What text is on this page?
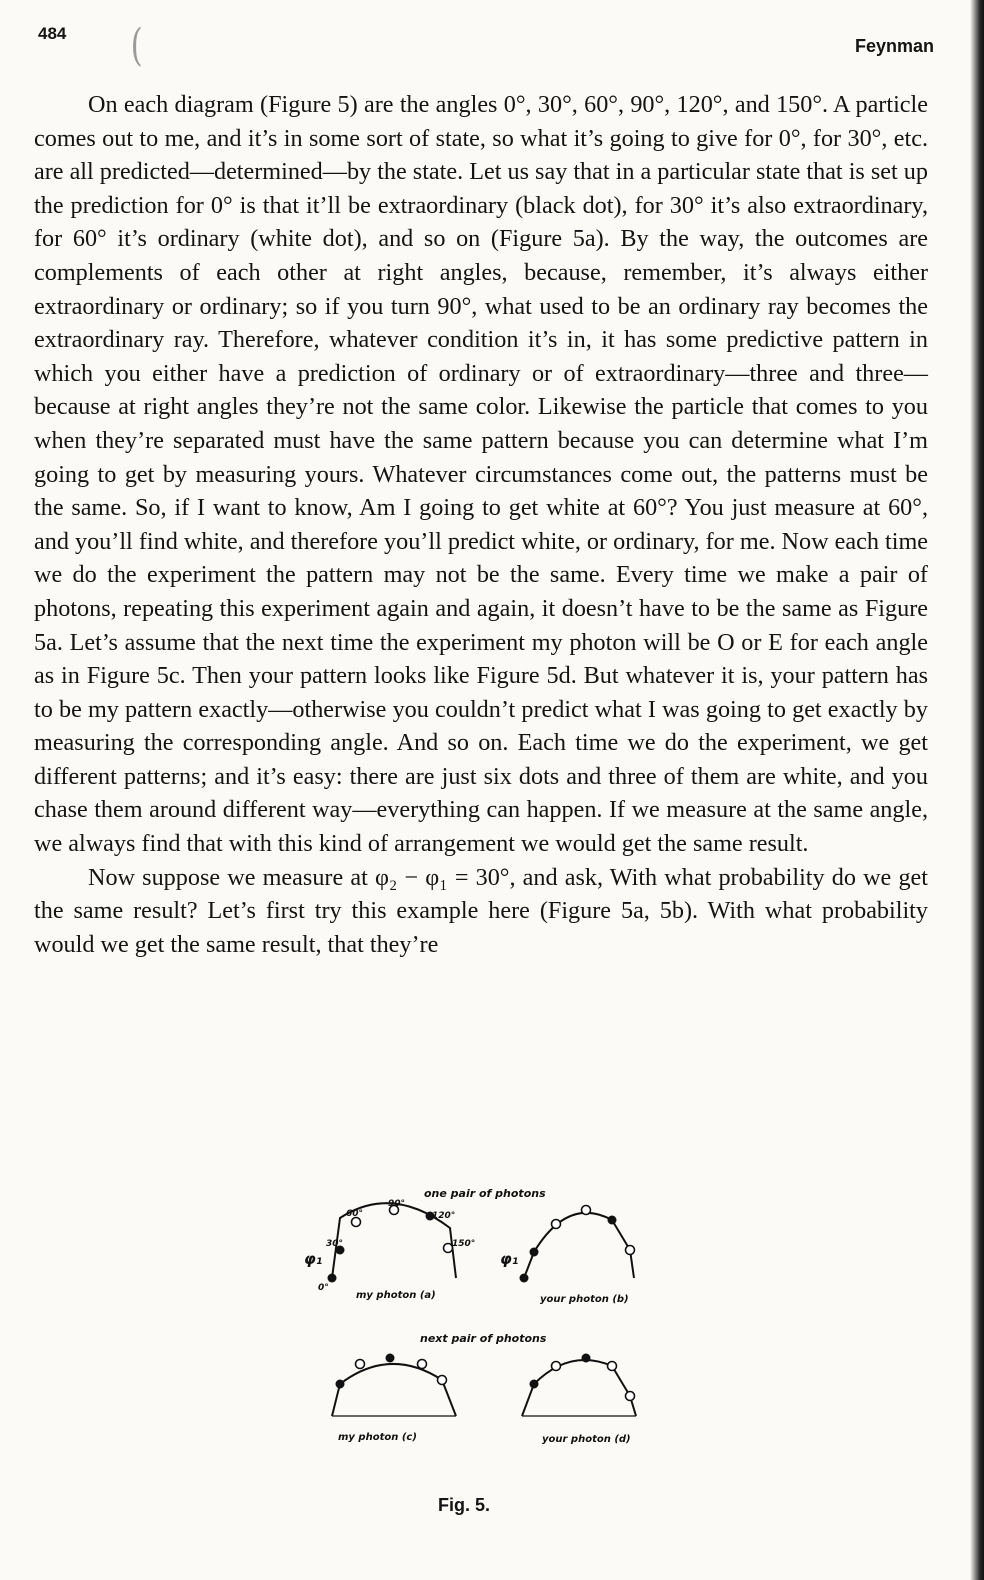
484 (	Feynman

On each diagram (Figure 5) are the angles 0°, 30°, 60°, 90°, 120°, and 150°. A particle comes out to me, and it’s in some sort of state, so what it’s going to give for 0°, for 30°, etc. are all predicted—determined—by the state. Let us say that in a particular state that is set up the prediction for 0° is that it’ll be extraordinary (black dot), for 30° it’s also extraordinary, for 60° it’s ordinary (white dot), and so on (Figure 5a). By the way, the outcomes are complements of each other at right angles, because, remember, it’s always either extraordinary or ordinary; so if you turn 90°, what used to be an ordinary ray becomes the extraordinary ray. Therefore, whatever condition it’s in, it has some predictive pattern in which you either have a prediction of ordinary or of extraordinary—three and three—because at right angles they’re not the same color. Likewise the particle that comes to you when they’re separated must have the same pattern because you can determine what I’m going to get by measuring yours. Whatever circumstances come out, the patterns must be the same. So, if I want to know, Am I going to get white at 60°? You just measure at 60°, and you’ll find white, and therefore you’ll predict white, or ordinary, for me. Now each time we do the experiment the pattern may not be the same. Every time we make a pair of photons, repeating this experiment again and again, it doesn’t have to be the same as Figure 5a. Let’s assume that the next time the experiment my photon will be O or E for each angle as in Figure 5c. Then your pattern looks like Figure 5d. But whatever it is, your pattern has to be my pattern exactly—otherwise you couldn’t predict what I was going to get exactly by measuring the corresponding angle. And so on. Each time we do the experiment, we get different patterns; and it’s easy: there are just six dots and three of them are white, and you chase them around different way—everything can happen. If we measure at the same angle, we always find that with this kind of arrangement we would get the same result.

Now suppose we measure at φ₂ − φ₁ = 30°, and ask, With what probability do we get the same result? Let’s first try this example here (Figure 5a, 5b). With what probability would we get the same result, that they’re

one pair of photons
0°
30°
60°
90°
120°
150°
φ₁
my photon (a)
φ₁
your photon (b)
next pair of photons
my photon (c)	your photon (d)
Fig. 5.
